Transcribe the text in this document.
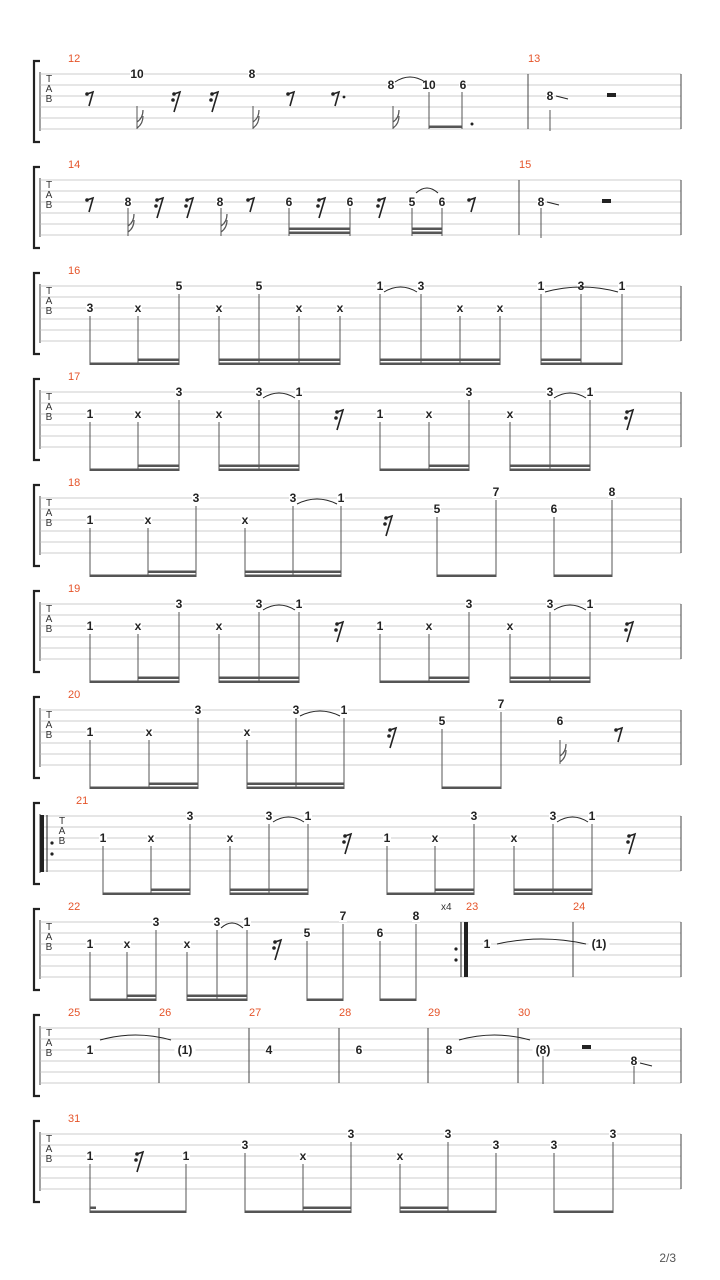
T
A
B
12	13
10	8
8 10 6
8
T
A
B
14	15
8	8	6	6	5 6	8
T
A
B
16
3	x
5
x
5
x	x
1	3
x	x
1	3	1
T
A
B
17
1	x
3
x
3	1
1	x
3
x
3	1
T
A
B
18
1	x
3
x
3	1
5
7
6
8
T
A
B
19
1	x
3
x
3	1
1	x
3
x
3	1
T
A
B
20
1	x
3
x
3	1
5
7
6
T
A
B
21
1	x
3
x
3	1
1	x
3
x
3	1
T
A
B
22	23
x4	24
1	x
3
x
3 1
5
7
6
8
1	(1)
T
A
B
25	26	27	28	29	30
1	(1)	4	6	8	(8)
8
T
A
B
31
1	1
3
x
3
x
3
3	3
3
2/3
